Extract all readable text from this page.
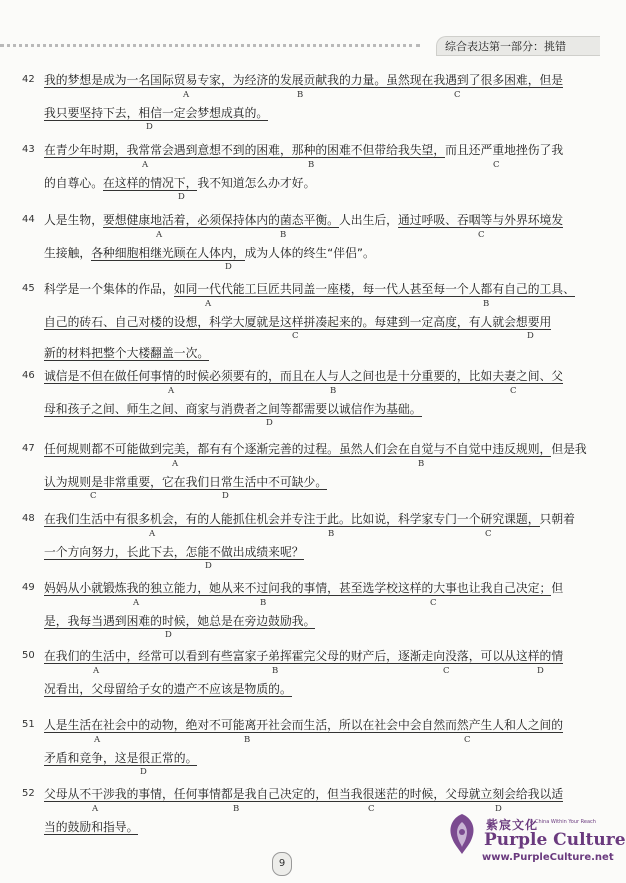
综合表达第一部分：挑错
42 我的梦想是成为一名国际贸易专家，为经济的发展贡献我的力量。虽然现在我遇到了很多困难，但是
我只要坚持下去，相信一定会梦想成真的。
A	B	C
D
43 在青少年时期，我常常会遇到意想不到的困难，那种的困难不但带给我失望，而且还严重地挫伤了我
的自尊心。在这样的情况下，我不知道怎么办才好。
A	B	C
D
44 人是生物，要想健康地活着，必须保持体内的菌态平衡。人出生后，通过呼吸、吞咽等与外界环境发
生接触，各种细胞相继光顾在人体内，成为人体的终生“伴侣”。
A	B	C
D
45 科学是一个集体的作品，如同一代代能工巨匠共同盖一座楼，每一代人甚至每一个人都有自己的工具、
自己的砖石、自己对楼的设想，科学大厦就是这样拼凑起来的。每建到一定高度，有人就会想要用
新的材料把整个大楼翻盖一次。
A	B
C	D
46 诚信是不但在做任何事情的时候必须要有的，而且在人与人之间也是十分重要的，比如夫妻之间、父
母和孩子之间、师生之间、商家与消费者之间等都需要以诚信作为基础。
A	B	C
D
47 任何规则都不可能做到完美，都有有个逐渐完善的过程。虽然人们会在自觉与不自觉中违反规则，但是我
认为规则是非常重要，它在我们日常生活中不可缺少。
A	B
C	D
48 在我们生活中有很多机会，有的人能抓住机会并专注于此。比如说，科学家专门一个研究课题，只朝着
一个方向努力，长此下去，怎能不做出成绩来呢？
A	B	C
D
49 妈妈从小就锻炼我的独立能力，她从来不过问我的事情，甚至选学校这样的大事也让我自己决定；但
是，我每当遇到困难的时候，她总是在旁边鼓励我。
A	B	C
D
50 在我们的生活中，经常可以看到有些富家子弟挥霍完父母的财产后，逐渐走向没落，可以从这样的情
况看出，父母留给子女的遗产不应该是物质的。
A	B	C	D
51 人是生活在社会中的动物，绝对不可能离开社会而生活，所以在社会中会自然而然产生人和人之间的
矛盾和竞争，这是很正常的。
A	B	C
D
52 父母从不干涉我的事情，任何事情都是我自己决定的，但当我很迷茫的时候，父母就立刻会给我以适
当的鼓励和指导。
A	B	C	D
9
紫宸文化
A China Within Your Reach
Purple Culture
www.PurpleCulture.net
